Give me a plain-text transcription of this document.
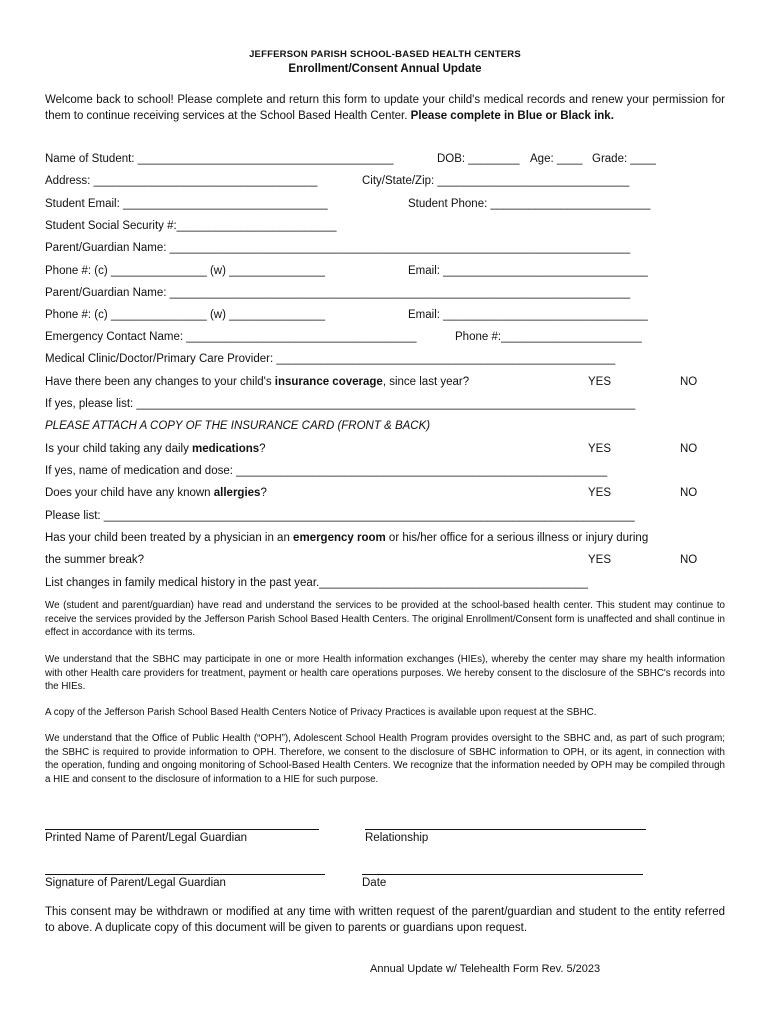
JEFFERSON PARISH SCHOOL-BASED HEALTH CENTERS
Enrollment/Consent Annual Update
Welcome back to school! Please complete and return this form to update your child's medical records and renew your permission for them to continue receiving services at the School Based Health Center. Please complete in Blue or Black ink.
Name of Student: ________________________________________	DOB: ________ Age: ____ Grade: ____
Address: ___________________________________	City/State/Zip: ______________________________
Student Email: ________________________________	Student Phone: _________________________
Student Social Security #:_________________________
Parent/Guardian Name: ________________________________________________________________________
Phone #: (c) _______________ (w) _______________	Email: ________________________________
Parent/Guardian Name: ________________________________________________________________________
Phone #: (c) _______________ (w) _______________	Email: ________________________________
Emergency Contact Name: ____________________________________	Phone #:______________________
Medical Clinic/Doctor/Primary Care Provider: _____________________________________________________
Have there been any changes to your child's insurance coverage, since last year?	YES	NO
If yes, please list: ______________________________________________________________________________
PLEASE ATTACH A COPY OF THE INSURANCE CARD (FRONT & BACK)
Is your child taking any daily medications?	YES	NO
If yes, name of medication and dose: __________________________________________________________
Does your child have any known allergies?	YES	NO
Please list: ___________________________________________________________________________________
Has your child been treated by a physician in an emergency room or his/her office for a serious illness or injury during
the summer break?	YES	NO
List changes in family medical history in the past year.__________________________________________
We (student and parent/guardian) have read and understand the services to be provided at the school-based health center. This student may continue to receive the services provided by the Jefferson Parish School Based Health Centers. The original Enrollment/Consent form is unaffected and shall continue in effect in accordance with its terms.
We understand that the SBHC may participate in one or more Health information exchanges (HIEs), whereby the center may share my health information with other Health care providers for treatment, payment or health care operations purposes. We hereby consent to the disclosure of the SBHC's records into the HIEs.
A copy of the Jefferson Parish School Based Health Centers Notice of Privacy Practices is available upon request at the SBHC.
We understand that the Office of Public Health (“OPH”), Adolescent School Health Program provides oversight to the SBHC and, as part of such program; the SBHC is required to provide information to OPH. Therefore, we consent to the disclosure of SBHC information to OPH, or its agent, in connection with the operation, funding and ongoing monitoring of School-Based Health Centers. We recognize that the information needed by OPH may be compiled through a HIE and consent to the disclosure of information to a HIE for such purpose.
Printed Name of Parent/Legal Guardian	Relationship
Signature of Parent/Legal Guardian	Date
This consent may be withdrawn or modified at any time with written request of the parent/guardian and student to the entity referred to above. A duplicate copy of this document will be given to parents or guardians upon request.
Annual Update w/ Telehealth Form Rev. 5/2023
